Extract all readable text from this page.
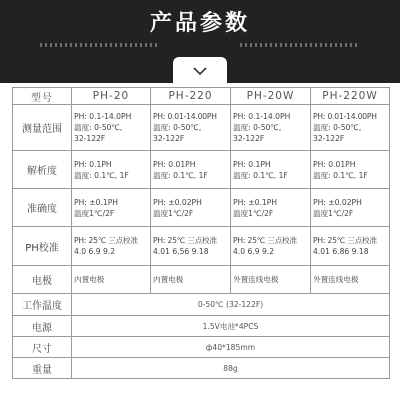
产品参数
型号	PH-20	PH-220	PH-20W	PH-220W
测量范围	PH: 0.1-14.0PH
温度: 0-50℃,
32-122F	PH: 0.01-14.00PH
温度: 0-50℃,
32-122F	PH: 0.1-14.0PH
温度: 0-50℃,
32-122F	PH: 0.01-14.00PH
温度: 0-50℃,
32-122F

解析度	PH: 0.1PH
温度: 0.1℃, 1F	PH: 0.01PH
温度: 0.1℃, 1F	PH: 0.1PH
温度: 0.1℃, 1F	PH: 0.01PH
温度: 0.1℃, 1F

准确度	PH: ±0.1PH
温度1℃/2F	PH: ±0.02PH
温度1℃/2F	PH: ±0.1PH
温度1℃/2F	PH: ±0.02PH
温度1℃/2F

PH校准	PH: 25℃ 三点校准
4.0 6.9 9.2	PH: 25℃ 三点校准
4.01 6.56 9.18	PH: 25℃ 三点校准
4.0 6.9 9.2	PH: 25℃ 三点校准
4.01 6.86 9.18

电极	内置电极	内置电极	外置连线电极	外置连线电极

工作温度	0-50℃ (32-122F)			
电源	1.5V电池*4PCS			
尺寸	ф40*185mm			
重量	88g			
